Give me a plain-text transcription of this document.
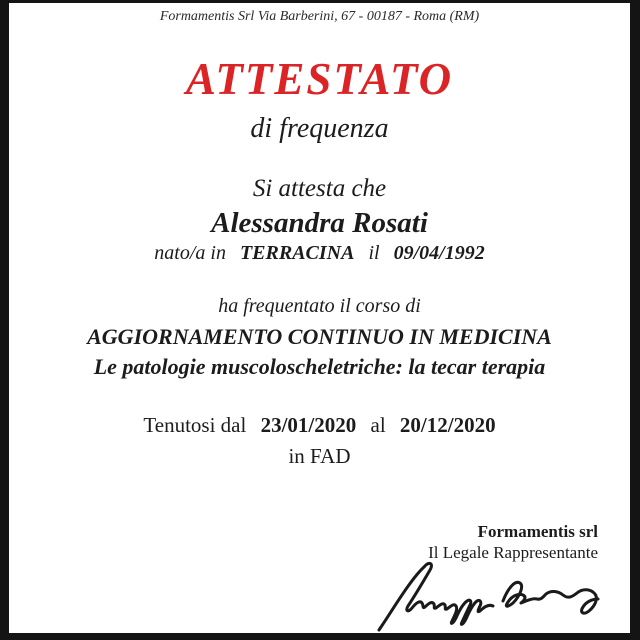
Formamentis Srl Via Barberini, 67 - 00187 - Roma (RM)
ATTESTATO
di frequenza
Si attesta che
Alessandra Rosati
nato/a in TERRACINA il 09/04/1992
ha frequentato il corso di
AGGIORNAMENTO CONTINUO IN MEDICINA
Le patologie muscoloscheletriche: la tecar terapia
Tenutosi dal 23/01/2020 al 20/12/2020
in FAD
Formamentis srl
Il Legale Rappresentante
